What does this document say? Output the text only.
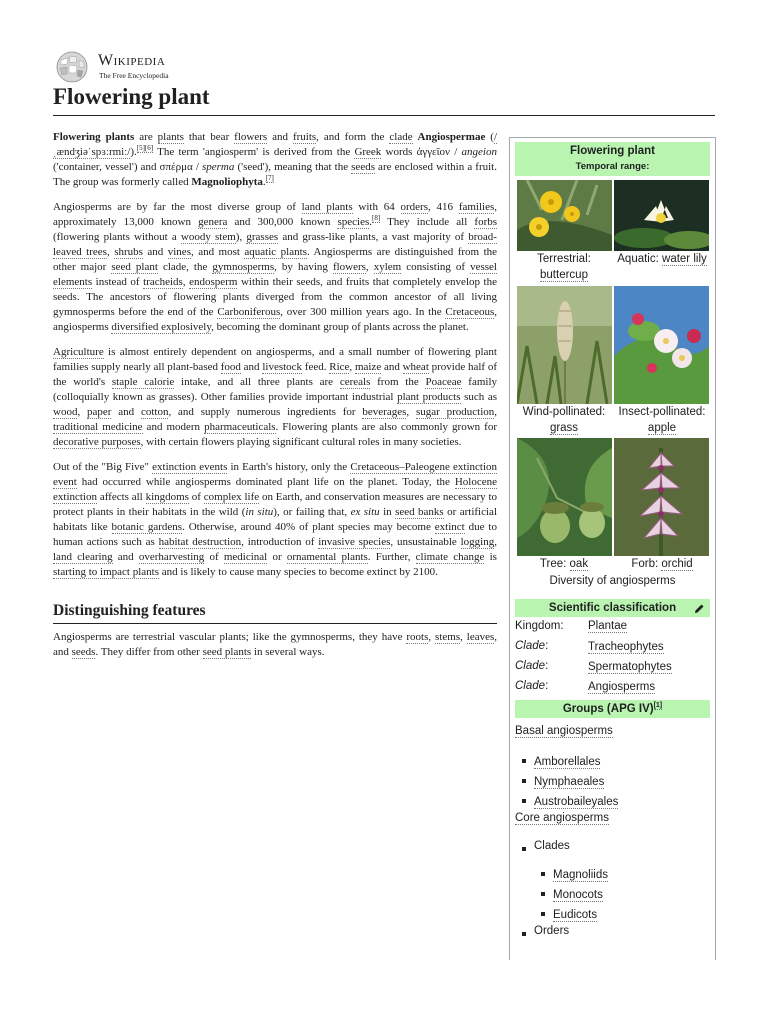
Wikipedia
The Free Encyclopedia
Flowering plant

Flowering plants are plants that bear flowers and fruits, and form the clade Angiospermae (/ˌændʒiəˈspɜːrmiː/).[5][6] The term 'angiosperm' is derived from the Greek words ἀγγεῖον / angeion ('container, vessel') and σπέρμα / sperma ('seed'), meaning that the seeds are enclosed within a fruit. The group was formerly called Magnoliophyta.[7]

Angiosperms are by far the most diverse group of land plants with 64 orders, 416 families, approximately 13,000 known genera and 300,000 known species.[8] They include all forbs (flowering plants without a woody stem), grasses and grass-like plants, a vast majority of broad-leaved trees, shrubs and vines, and most aquatic plants. Angiosperms are distinguished from the other major seed plant clade, the gymnosperms, by having flowers, xylem consisting of vessel elements instead of tracheids, endosperm within their seeds, and fruits that completely envelop the seeds. The ancestors of flowering plants diverged from the common ancestor of all living gymnosperms before the end of the Carboniferous, over 300 million years ago. In the Cretaceous, angiosperms diversified explosively, becoming the dominant group of plants across the planet.

Agriculture is almost entirely dependent on angiosperms, and a small number of flowering plant families supply nearly all plant-based food and livestock feed. Rice, maize and wheat provide half of the world's staple calorie intake, and all three plants are cereals from the Poaceae family (colloquially known as grasses). Other families provide important industrial plant products such as wood, paper and cotton, and supply numerous ingredients for beverages, sugar production, traditional medicine and modern pharmaceuticals. Flowering plants are also commonly grown for decorative purposes, with certain flowers playing significant cultural roles in many societies.

Out of the "Big Five" extinction events in Earth's history, only the Cretaceous–Paleogene extinction event had occurred while angiosperms dominated plant life on the planet. Today, the Holocene extinction affects all kingdoms of complex life on Earth, and conservation measures are necessary to protect plants in their habitats in the wild (in situ), or failing that, ex situ in seed banks or artificial habitats like botanic gardens. Otherwise, around 40% of plant species may become extinct due to human actions such as habitat destruction, introduction of invasive species, unsustainable logging, land clearing and overharvesting of medicinal or ornamental plants. Further, climate change is starting to impact plants and is likely to cause many species to become extinct by 2100.

Distinguishing features

Angiosperms are terrestrial vascular plants; like the gymnosperms, they have roots, stems, leaves, and seeds. They differ from other seed plants in several ways.

Flowering plant
Temporal range:
Terrestrial:
buttercup
Aquatic: water lily
Wind-pollinated:
grass
Insect-pollinated:
apple
Tree: oak	Forb: orchid
Diversity of angiosperms
Scientific classification
Kingdom: Plantae
Clade:	Tracheophytes
Clade:	Spermatophytes
Clade:	Angiosperms
Groups (APG IV)[1]
Basal angiosperms
Amborellales
Nymphaeales
Austrobaileyales
Core angiosperms
Clades
Magnoliids
Monocots
Eudicots
Orders
